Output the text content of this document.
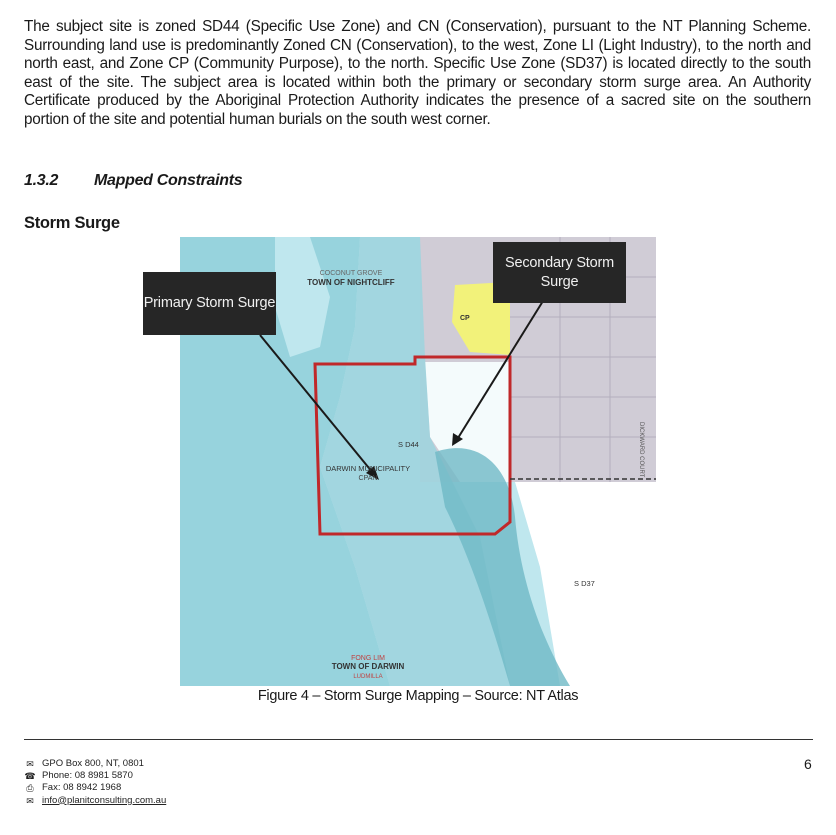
The subject site is zoned SD44 (Specific Use Zone) and CN (Conservation), pursuant to the NT Planning Scheme. Surrounding land use is predominantly Zoned CN (Conservation), to the west, Zone LI (Light Industry), to the north and north east, and Zone CP (Community Purpose), to the north. Specific Use Zone (SD37) is located directly to the south east of the site. The subject area is located within both the primary or secondary storm surge area. An Authority Certificate produced by the Aboriginal Protection Authority indicates the presence of a sacred site on the southern portion of the site and potential human burials on the south west corner.

1.3.2 Mapped Constraints
Storm Surge
COCONUT GROVE
TOWN OF NIGHTCLIFF
CP
S D44
DARWIN MUNICIPALITY
CPAN
S D37
FONG LIM
TOWN OF DARWIN
LUDMILLA
DICKWARD COURT
Primary Storm Surge
Secondary Storm Surge
Figure 4 – Storm Surge Mapping – Source: NT Atlas
✉ GPO Box 800, NT, 0801
☎ Phone: 08 8981 5870
⎙ Fax: 08 8942 1968
✉ info@planitconsulting.com.au
6
